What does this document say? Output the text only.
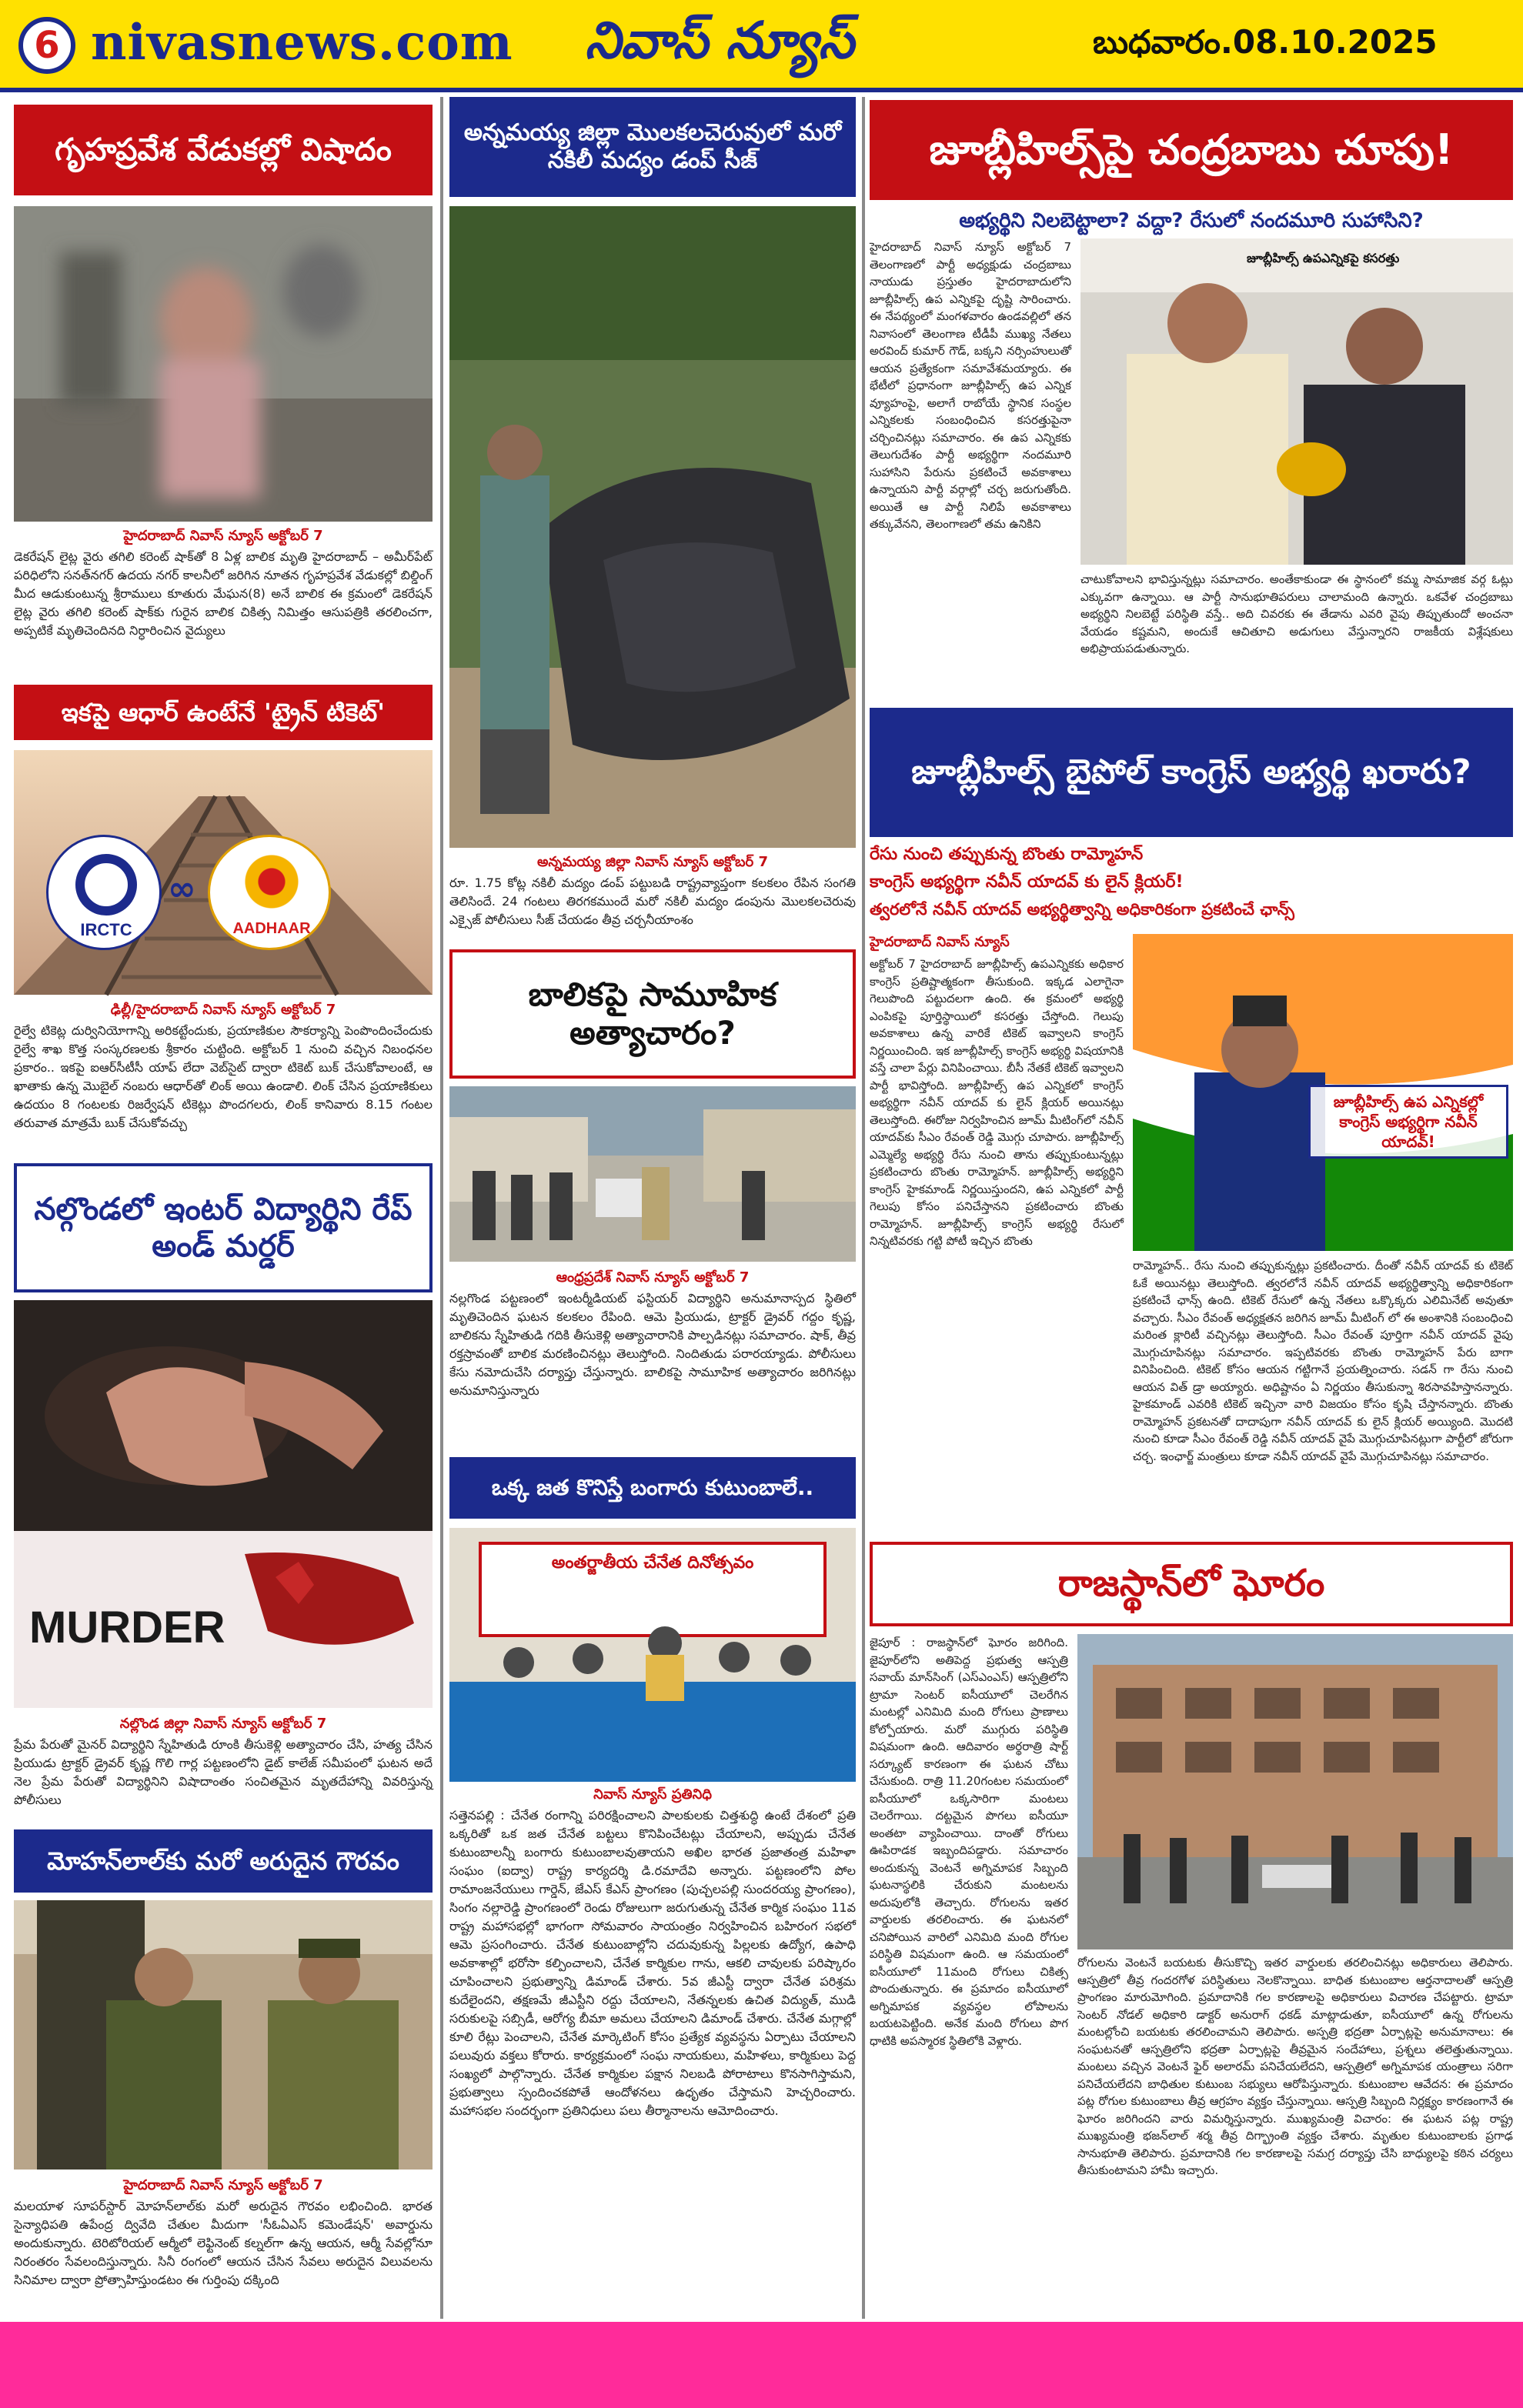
6 nivasnews.com నివాస్ న్యూస్	బుధవారం.08.10.2025
గృహప్రవేశ వేడుకల్లో విషాదం
హైదరాబాద్ నివాస్ న్యూస్ అక్టోబర్ 7
డెకరేషన్ లైట్ల వైరు తగిలి కరెంట్ షాక్‌తో 8 ఏళ్ల బాలిక మృతి హైదరాబాద్ – అమీర్‌పేట్ పరిధిలోని సనత్‌నగర్ ఉదయ నగర్ కాలనీలో జరిగిన నూతన గృహప్రవేశ వేడుకల్లో బిల్డింగ్ మీద ఆడుకుంటున్న శ్రీరాములు కూతురు మేఘన(8) అనే బాలిక ఈ క్రమంలో డెకరేషన్ లైట్ల వైరు తగిలి కరెంట్ షాక్‌కు గురైన బాలిక చికిత్స నిమిత్తం ఆసుపత్రికి తరలించగా, అప్పటికే మృతిచెందినది నిర్ధారించిన వైద్యులు
ఇకపై ఆధార్ ఉంటేనే 'ట్రైన్ టికెట్'
IRCTC
∞
AADHAAR
ఢిల్లీ/హైదరాబాద్ నివాస్ న్యూస్ అక్టోబర్ 7
రైల్వే టికెట్ల దుర్వినియోగాన్ని అరికట్టేందుకు, ప్రయాణికుల సౌకర్యాన్ని పెంపొందించేందుకు రైల్వే శాఖ కొత్త సంస్కరణలకు శ్రీకారం చుట్టింది. అక్టోబర్ 1 నుంచి వచ్చిన నిబంధనల ప్రకారం.. ఇకపై ఐఆర్‌సీటీసీ యాప్ లేదా వెబ్‌సైట్ ద్వారా టికెట్ బుక్ చేసుకోవాలంటే, ఆ ఖాతాకు ఉన్న మొబైల్ నంబరు ఆధార్‌తో లింక్ అయి ఉండాలి. లింక్ చేసిన ప్రయాణికులు ఉదయం 8 గంటలకు రిజర్వేషన్ టికెట్లు పొందగలరు, లింక్ కానివారు 8.15 గంటల తరువాత మాత్రమే బుక్ చేసుకోవచ్చు
నల్గొండలో ఇంటర్ విద్యార్థిని రేప్ అండ్ మర్డర్
MURDER
నల్లొండ జిల్లా నివాస్ న్యూస్ అక్టోబర్ 7
ప్రేమ పేరుతో మైనర్ విద్యార్థిని స్నేహితుడి రూంకి తీసుకెళ్లి అత్యాచారం చేసి, హత్య చేసిన ప్రియుడు ట్రాక్టర్ డ్రైవర్ కృష్ణ గొలి గార్ల పట్టణంలోని డైట్ కాలేజ్ సమీపంలో ఘటన అదే నెల ప్రేమ పేరుతో విద్యార్థినిని విషాదాంతం సంచితమైన మృతదేహాన్ని వివరిస్తున్న పోలీసులు
మోహన్‌లాల్‌కు మరో అరుదైన గౌరవం
హైదరాబాద్ నివాస్ న్యూస్ అక్టోబర్ 7
మలయాళ సూపర్‌స్టార్ మోహన్‌లాల్‌కు మరో అరుదైన గౌరవం లభించింది. భారత సైన్యాధిపతి ఉపేంద్ర ద్వివేది చేతుల మీదుగా 'సీఓఏఎస్ కమెండేషన్' అవార్డును అందుకున్నారు. టెరిటోరియల్ ఆర్మీలో లెఫ్టినెంట్ కల్నల్‌గా ఉన్న ఆయన, ఆర్మీ సేవల్లోనూ నిరంతరం సేవలందిస్తున్నారు. సినీ రంగంలో ఆయన చేసిన సేవలు అరుదైన విలువలను సినిమాల ద్వారా ప్రోత్సాహిస్తుండటం ఈ గుర్తింపు దక్కింది
అన్నమయ్య జిల్లా మొలకలచెరువులో మరో నకిలీ మద్యం డంప్ సీజ్
అన్నమయ్య జిల్లా నివాస్ న్యూస్ అక్టోబర్ 7
రూ. 1.75 కోట్ల నకిలీ మద్యం డంప్ పట్టుబడి రాష్ట్రవ్యాప్తంగా కలకలం రేపిన సంగతి తెలిసిందే. 24 గంటలు తిరగకముందే మరో నకిలీ మద్యం డంపును మొలకలచెరువు ఎక్సైజ్ పోలీసులు సీజ్ చేయడం తీవ్ర చర్చనీయాంశం
బాలికపై సామూహిక అత్యాచారం?
ఆంధ్రప్రదేశ్ నివాస్ న్యూస్ అక్టోబర్ 7
నల్లగొండ పట్టణంలో ఇంటర్మీడియట్ ఫస్టియర్ విద్యార్థిని అనుమానాస్పద స్థితిలో మృతిచెందిన ఘటన కలకలం రేపింది. ఆమె ప్రియుడు, ట్రాక్టర్ డ్రైవర్ గద్దం కృష్ణ, బాలికను స్నేహితుడి గదికి తీసుకెళ్లి అత్యాచారానికి పాల్పడినట్లు సమాచారం. షాక్, తీవ్ర రక్తస్రావంతో బాలిక మరణించినట్లు తెలుస్తోంది. నిందితుడు పరారయ్యాడు. పోలీసులు కేసు నమోదుచేసి దర్యాప్తు చేస్తున్నారు. బాలికపై సామూహిక అత్యాచారం జరిగినట్లు అనుమానిస్తున్నారు
ఒక్క జత కొనిస్తే బంగారు కుటుంబాలే..
అంతర్జాతీయ చేనేత దినోత్సవం
నివాస్ న్యూస్ ప్రతినిధి
సత్తెనపల్లి : చేనేత రంగాన్ని పరిరక్షించాలని పాలకులకు చిత్తశుద్ధి ఉంటే దేశంలో ప్రతి ఒక్కరితో ఒక జత చేనేత బట్టలు కొనిపించేటట్లు చేయాలని, అప్పుడు చేనేత కుటుంబాలన్నీ బంగారు కుటుంబాలవుతాయని అఖిల భారత ప్రజాతంత్ర మహిళా సంఘం (ఐద్వా) రాష్ట్ర కార్యదర్శి డి.రమాదేవి అన్నారు. పట్టణంలోని పోల రామాంజనేయులు గార్డెన్, జేఎస్ కేఎస్ ప్రాంగణం (పుచ్చలపల్లి సుందరయ్య ప్రాంగణం), సింగం నల్లారెడ్డి ప్రాంగణంలో రెండు రోజులుగా జరుగుతున్న చేనేత కార్మిక సంఘం 11వ రాష్ట్ర మహాసభల్లో భాగంగా సోమవారం సాయంత్రం నిర్వహించిన బహిరంగ సభలో ఆమె ప్రసంగించారు. చేనేత కుటుంబాల్లోని చదువుకున్న పిల్లలకు ఉద్యోగ, ఉపాధి అవకాశాల్లో భరోసా కల్పించాలని, చేనేత కార్మికుల గాను, ఆకలి చావులకు పరిష్కారం చూపించాలని ప్రభుత్వాన్ని డిమాండ్ చేశారు. 5వ జీఎస్టీ ద్వారా చేనేత పరిశ్రమ కుదేలైందని, తక్షణమే జీఎస్టీని రద్దు చేయాలని, నేతన్నలకు ఉచిత విద్యుత్, ముడి సరుకులపై సబ్సిడీ, ఆరోగ్య బీమా అమలు చేయాలని డిమాండ్ చేశారు. చేనేత మగ్గాల్లో కూలి రేట్లు పెంచాలని, చేనేత మార్కెటింగ్ కోసం ప్రత్యేక వ్యవస్థను ఏర్పాటు చేయాలని పలువురు వక్తలు కోరారు. కార్యక్రమంలో సంఘ నాయకులు, మహిళలు, కార్మికులు పెద్ద సంఖ్యలో పాల్గొన్నారు. చేనేత కార్మికుల పక్షాన నిలబడి పోరాటాలు కొనసాగిస్తామని, ప్రభుత్వాలు స్పందించకపోతే ఆందోళనలు ఉధృతం చేస్తామని హెచ్చరించారు. మహాసభల సందర్భంగా ప్రతినిధులు పలు తీర్మానాలను ఆమోదించారు.
జూబ్లీహిల్స్‌పై చంద్రబాబు చూపు!
అభ్యర్థిని నిలబెట్టాలా? వద్దా? రేసులో నందమూరి సుహాసిని?
హైదరాబాద్ నివాస్ న్యూస్ అక్టోబర్ 7 తెలంగాణలో పార్టీ అధ్యక్షుడు చంద్రబాబు నాయుడు ప్రస్తుతం హైదరాబాదులోని జూబ్లీహిల్స్ ఉప ఎన్నికపై దృష్టి సారించారు. ఈ నేపథ్యంలో మంగళవారం ఉండవల్లిలో తన నివాసంలో తెలంగాణ టీడీపీ ముఖ్య నేతలు అరవింద్ కుమార్ గౌడ్, బక్కని నర్సింహులుతో ఆయన ప్రత్యేకంగా సమావేశమయ్యారు. ఈ భేటీలో ప్రధానంగా జూబ్లీహిల్స్ ఉప ఎన్నిక వ్యూహంపై, అలాగే రాబోయే స్థానిక సంస్థల ఎన్నికలకు సంబంధించిన కసరత్తుపైనా చర్చించినట్లు సమాచారం. ఈ ఉప ఎన్నికకు తెలుగుదేశం పార్టీ అభ్యర్థిగా నందమూరి సుహాసిని పేరును ప్రకటించే అవకాశాలు ఉన్నాయని పార్టీ వర్గాల్లో చర్చ జరుగుతోంది. అయితే ఆ పార్టీ నిలిపే అవకాశాలు తక్కువేనని, తెలంగాణలో తమ ఉనికిని
జూబ్లీహిల్స్ ఉపఎన్నికపై కసరత్తు
చాటుకోవాలని భావిస్తున్నట్లు సమాచారం. అంతేకాకుండా ఈ స్థానంలో కమ్మ సామాజిక వర్గ ఓట్లు ఎక్కువగా ఉన్నాయి. ఆ పార్టీ సానుభూతిపరులు చాలామంది ఉన్నారు. ఒకవేళ చంద్రబాబు అభ్యర్థిని నిలబెట్టే పరిస్థితి వస్తే.. అది చివరకు ఈ తేడాను ఎవరి వైపు తిప్పుతుందో అంచనా వేయడం కష్టమని, అందుకే ఆచితూచి అడుగులు వేస్తున్నారని రాజకీయ విశ్లేషకులు అభిప్రాయపడుతున్నారు.
జూబ్లీహిల్స్ బైపోల్ కాంగ్రెస్ అభ్యర్థి ఖరారు?
రేసు నుంచి తప్పుకున్న బొంతు రామ్మోహన్
కాంగ్రెస్ అభ్యర్థిగా నవీన్ యాదవ్ కు లైన్ క్లియర్!
త్వరలోనే నవీన్ యాదవ్ అభ్యర్థిత్వాన్ని అధికారికంగా ప్రకటించే ఛాన్స్
హైదరాబాద్ నివాస్ న్యూస్
అక్టోబర్ 7 హైదరాబాద్ జూబ్లీహిల్స్ ఉపఎన్నికకు అధికార కాంగ్రెస్ ప్రతిష్టాత్మకంగా తీసుకుంది. ఇక్కడ ఎలాగైనా గెలుపొంది పట్టుదలగా ఉంది. ఈ క్రమంలో అభ్యర్థి ఎంపికపై పూర్తిస్థాయిలో కసరత్తు చేస్తోంది. గెలుపు అవకాశాలు ఉన్న వారికే టికెట్ ఇవ్వాలని కాంగ్రెస్ నిర్ణయించింది. ఇక జూబ్లీహిల్స్ కాంగ్రెస్ అభ్యర్థి విషయానికి వస్తే చాలా పేర్లు వినిపించాయి. బీసీ నేతకే టికెట్ ఇవ్వాలని పార్టీ భావిస్తోంది. జూబ్లీహిల్స్ ఉప ఎన్నికలో కాంగ్రెస్ అభ్యర్థిగా నవీన్ యాదవ్ కు లైన్ క్లియర్ అయినట్లు తెలుస్తోంది. ఈరోజు నిర్వహించిన జూమ్ మీటింగ్‌లో నవీన్ యాదవ్‌కు సీఎం రేవంత్ రెడ్డి మొగ్గు చూపారు. జూబ్లీహిల్స్ ఎమ్మెల్యే అభ్యర్థి రేసు నుంచి తాను తప్పుకుంటున్నట్లు ప్రకటించారు బొంతు రామ్మోహన్. జూబ్లీహిల్స్ అభ్యర్థిని కాంగ్రెస్ హైకమాండ్ నిర్ణయిస్తుందని, ఉప ఎన్నికలో పార్టీ గెలుపు కోసం పనిచేస్తానని ప్రకటించారు బొంతు రామ్మోహన్. జూబ్లీహిల్స్ కాంగ్రెస్ అభ్యర్థి రేసులో నిన్నటివరకు గట్టి పోటీ ఇచ్చిన బొంతు
జూబ్లీహిల్స్ ఉప ఎన్నికల్లో కాంగ్రెస్ అభ్యర్థిగా నవీన్ యాదవ్!
రామ్మోహన్.. రేసు నుంచి తప్పుకున్నట్లు ప్రకటించారు. దీంతో నవీన్ యాదవ్ కు టికెట్ ఓకే అయినట్లు తెలుస్తోంది. త్వరలోనే నవీన్ యాదవ్ అభ్యర్థిత్వాన్ని అధికారికంగా ప్రకటించే ఛాన్స్ ఉంది. టికెట్ రేసులో ఉన్న నేతలు ఒక్కొక్కరు ఎలిమినేట్ అవుతూ వచ్చారు. సీఎం రేవంత్ అధ్యక్షతన జరిగిన జూమ్ మీటింగ్ లో ఈ అంశానికి సంబంధించి మరింత క్లారిటీ వచ్చినట్లు తెలుస్తోంది. సీఎం రేవంత్ పూర్తిగా నవీన్ యాదవ్ వైపు మొగ్గుచూపినట్లు సమాచారం. ఇప్పటివరకు బొంతు రామ్మోహన్ పేరు బాగా వినిపించింది. టికెట్ కోసం ఆయన గట్టిగానే ప్రయత్నించారు. సడన్ గా రేసు నుంచి ఆయన విత్ డ్రా అయ్యారు. అధిష్టానం ఏ నిర్ణయం తీసుకున్నా శిరసావహిస్తానన్నారు. హైకమాండ్ ఎవరికి టికెట్ ఇచ్చినా వారి విజయం కోసం కృషి చేస్తానన్నారు. బొంతు రామ్మోహన్ ప్రకటనతో దాదాపుగా నవీన్ యాదవ్ కు లైన్ క్లియర్ అయ్యింది. మొదటి నుంచి కూడా సీఎం రేవంత్ రెడ్డి నవీన్ యాదవ్ వైపే మొగ్గుచూపినట్లుగా పార్టీలో జోరుగా చర్చ. ఇంఛార్జ్ మంత్రులు కూడా నవీన్ యాదవ్ వైపే మొగ్గుచూపినట్లు సమాచారం.
రాజస్థాన్‌లో ఘోరం
జైపూర్ : రాజస్థాన్‌లో ఘోరం జరిగింది. జైపూర్‌లోని అతిపెద్ద ప్రభుత్వ ఆస్పత్రి సవాయ్ మాన్‌సింగ్ (ఎస్ఎంఎస్) ఆస్పత్రిలోని ట్రామా సెంటర్ ఐసీయూలో చెలరేగిన మంటల్లో ఎనిమిది మంది రోగులు ప్రాణాలు కోల్పోయారు. మరో ముగ్గురు పరిస్థితి విషమంగా ఉంది. ఆదివారం అర్థరాత్రి షార్ట్ సర్క్యూట్ కారణంగా ఈ ఘటన చోటు చేసుకుంది. రాత్రి 11.20గంటల సమయంలో ఐసీయూలో ఒక్కసారిగా మంటలు చెలరేగాయి. దట్టమైన పొగలు ఐసీయూ అంతటా వ్యాపించాయి. దాంతో రోగులు ఊపిరాడక ఇబ్బందిపడ్డారు. సమాచారం అందుకున్న వెంటనే అగ్నిమాపక సిబ్బంది ఘటనాస్థలికి చేరుకుని మంటలను అదుపులోకి తెచ్చారు. రోగులను ఇతర వార్డులకు తరలించారు. ఈ ఘటనలో చనిపోయిన వారిలో ఎనిమిది మంది రోగుల పరిస్థితి విషమంగా ఉంది. ఆ సమయంలో ఐసీయూలో 11మంది రోగులు చికిత్స పొందుతున్నారు. ఈ ప్రమాదం ఐసీయూలో అగ్నిమాపక వ్యవస్థల లోపాలను బయటపెట్టింది. అనేక మంది రోగులు పొగ ధాటికి అపస్మారక స్థితిలోకి వెళ్లారు.
రోగులను వెంటనే బయటకు తీసుకొచ్చి ఇతర వార్డులకు తరలించినట్లు అధికారులు తెలిపారు. ఆస్పత్రిలో తీవ్ర గందరగోళ పరిస్థితులు నెలకొన్నాయి. బాధిత కుటుంబాల ఆర్తనాదాలతో ఆస్పత్రి ప్రాంగణం మారుమోగింది. ప్రమాదానికి గల కారణాలపై అధికారులు విచారణ చేపట్టారు. ట్రామా సెంటర్ నోడల్ అధికారి డాక్టర్ అనురాగ్ ధకడ్ మాట్లాడుతూ, ఐసీయూలో ఉన్న రోగులను మంటల్లోంచి బయటకు తరలించామని తెలిపారు. అస్పత్రి భద్రతా ఏర్పాట్లపై అనుమానాలు: ఈ సంఘటనతో ఆస్పత్రిలోని భద్రతా ఏర్పాట్లపై తీవ్రమైన సందేహాలు, ప్రశ్నలు తలెత్తుతున్నాయి. మంటలు వచ్చిన వెంటనే ఫైర్ అలారమ్ పనిచేయలేదని, ఆస్పత్రిలో అగ్నిమాపక యంత్రాలు సరిగా పనిచేయలేదని బాధితుల కుటుంబ సభ్యులు ఆరోపిస్తున్నారు. కుటుంబాల ఆవేదన: ఈ ప్రమాదం పట్ల రోగుల కుటుంబాలు తీవ్ర ఆగ్రహం వ్యక్తం చేస్తున్నాయి. ఆస్పత్రి సిబ్బంది నిర్లక్ష్యం కారణంగానే ఈ ఘోరం జరిగిందని వారు విమర్శిస్తున్నారు. ముఖ్యమంత్రి విచారం: ఈ ఘటన పట్ల రాష్ట్ర ముఖ్యమంత్రి భజన్‌లాల్ శర్మ తీవ్ర దిగ్భ్రాంతి వ్యక్తం చేశారు. మృతుల కుటుంబాలకు ప్రగాఢ సానుభూతి తెలిపారు. ప్రమాదానికి గల కారణాలపై సమగ్ర దర్యాప్తు చేసి బాధ్యులపై కఠిన చర్యలు తీసుకుంటామని హామీ ఇచ్చారు.
